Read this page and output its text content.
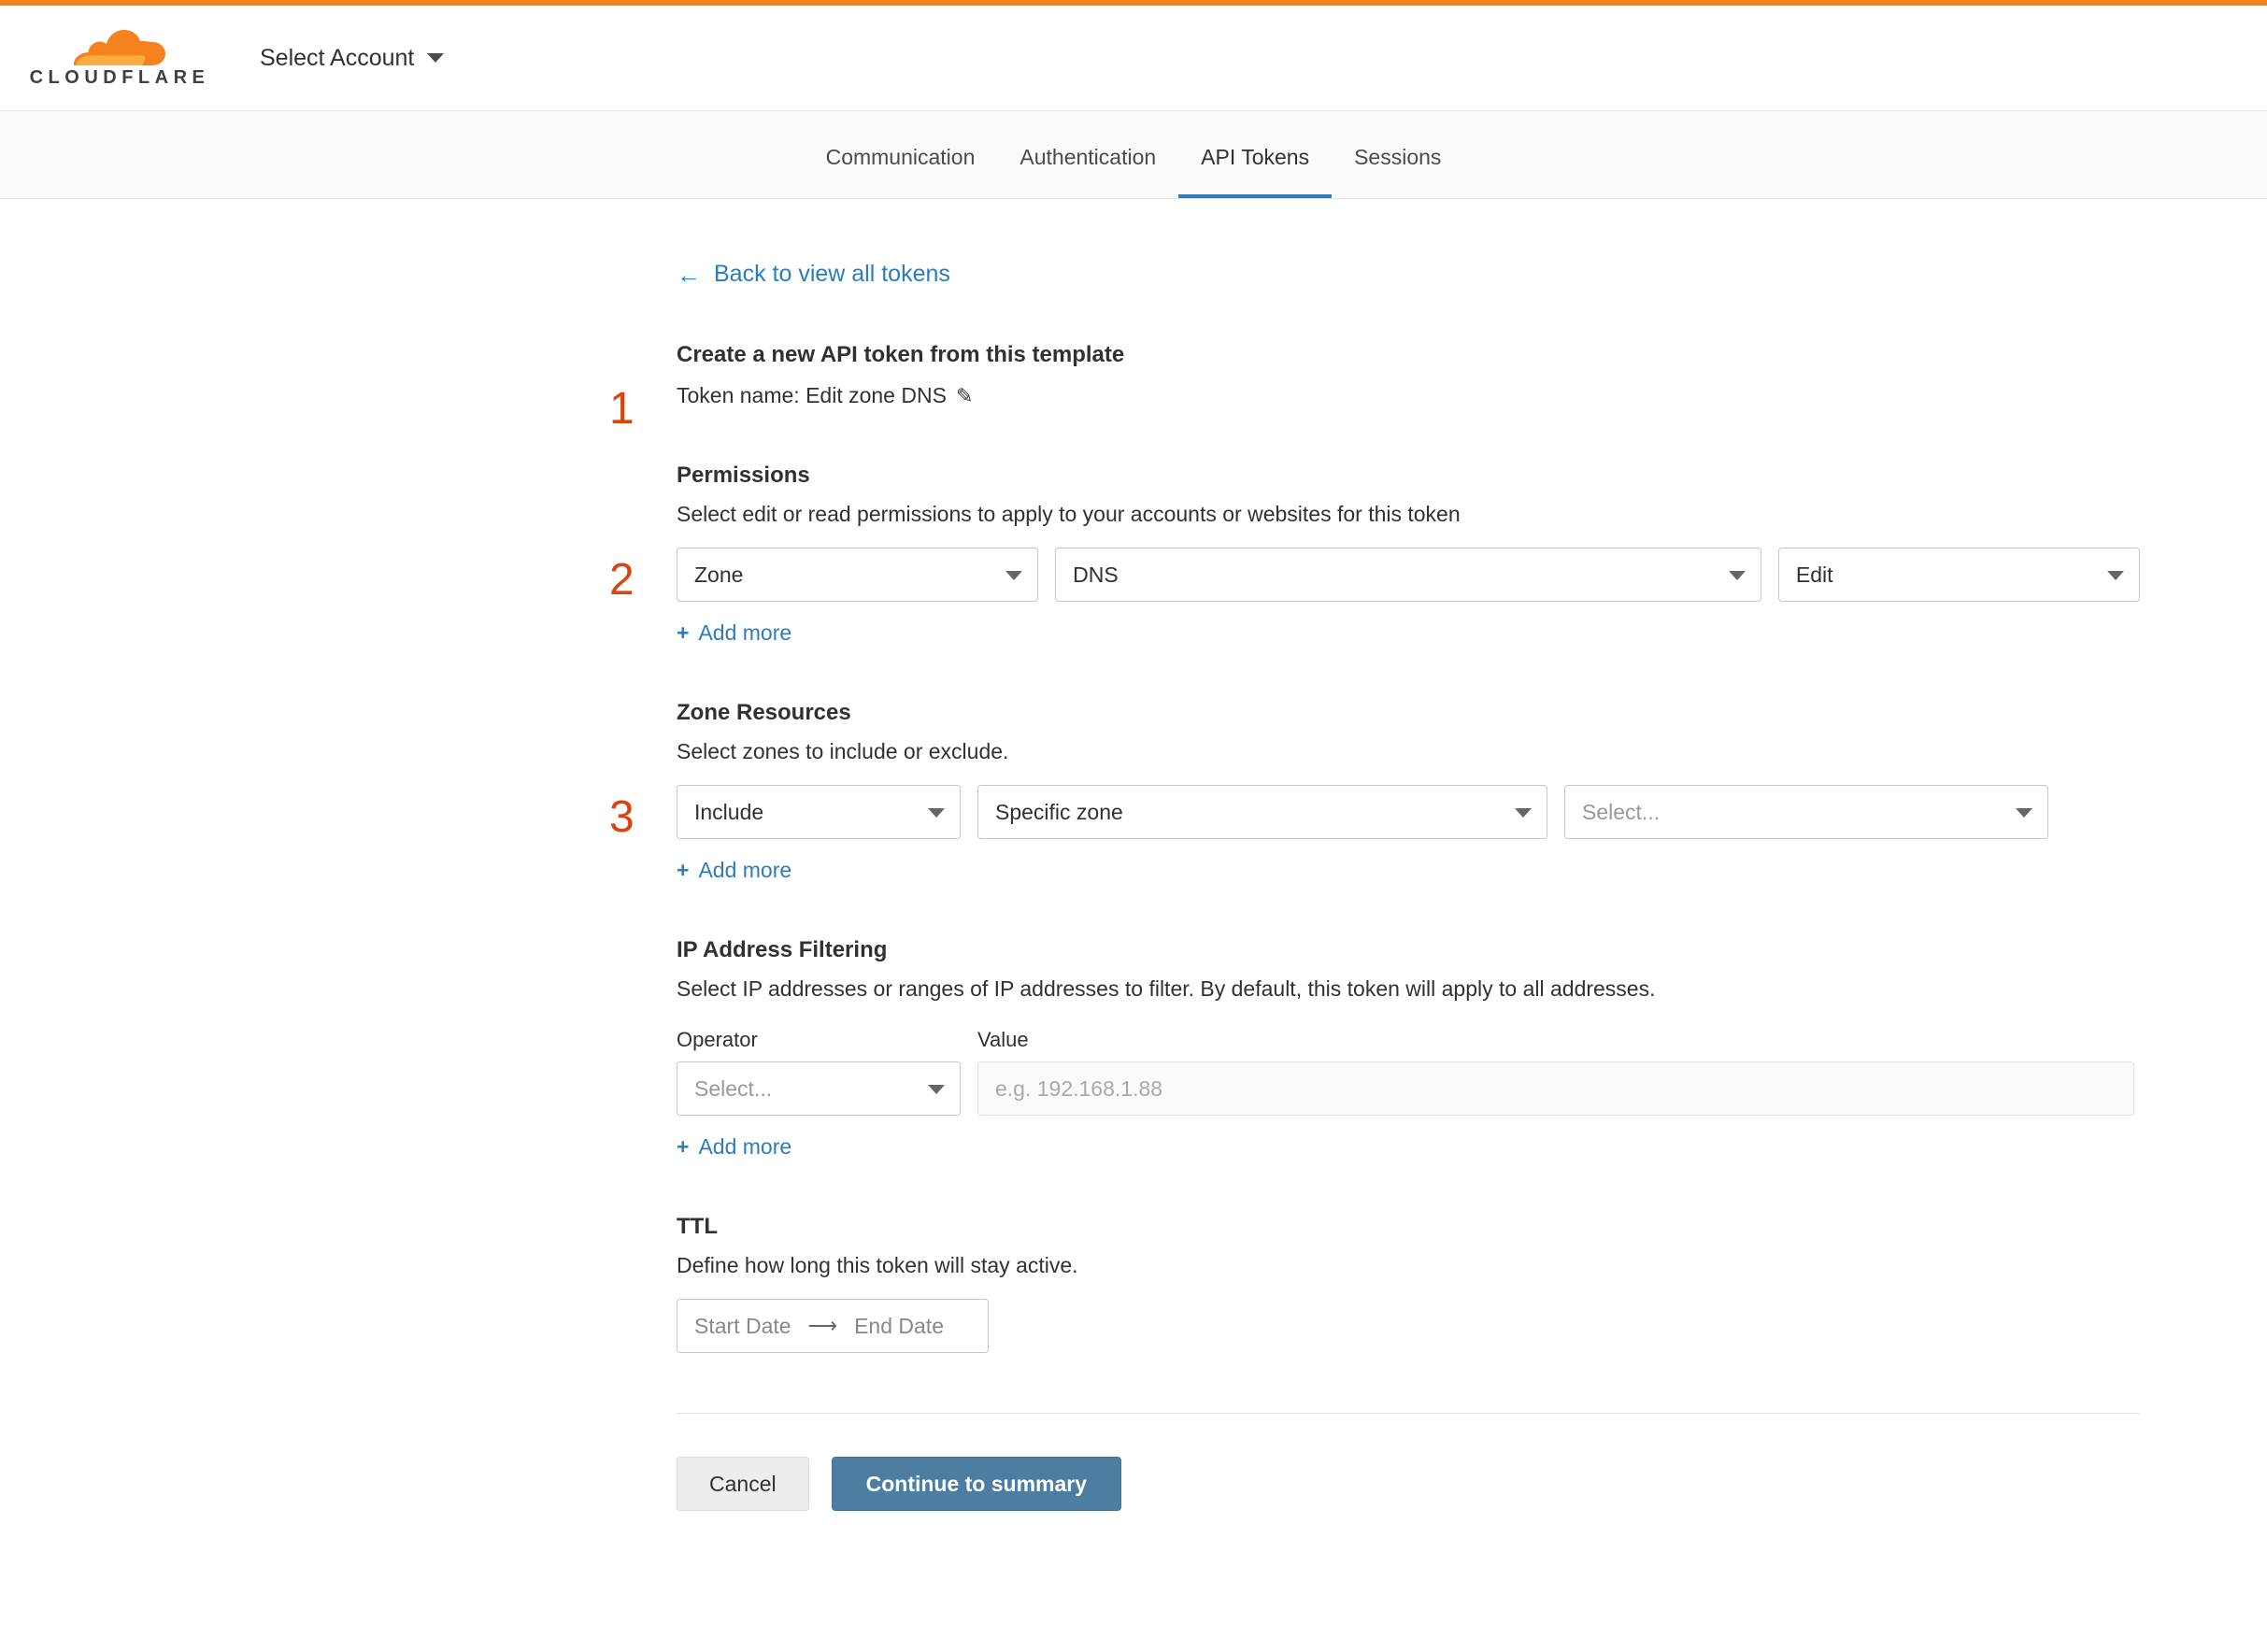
CLOUDFLARE
Select Account
Communication	Authentication	API Tokens	Sessions
← Back to view all tokens
1
Create a new API token from this template
Token name: Edit zone DNS ✎
2
Permissions
Select edit or read permissions to apply to your accounts or websites for this token
Zone	DNS	Edit
+ Add more
3
Zone Resources
Select zones to include or exclude.
Include	Specific zone	Select...
+ Add more
IP Address Filtering
Select IP addresses or ranges of IP addresses to filter. By default, this token will apply to all addresses.
Operator	Value
Select...	e.g. 192.168.1.88
+ Add more
TTL
Define how long this token will stay active.
Start Date ⟶ End Date
Cancel	Continue to summary
